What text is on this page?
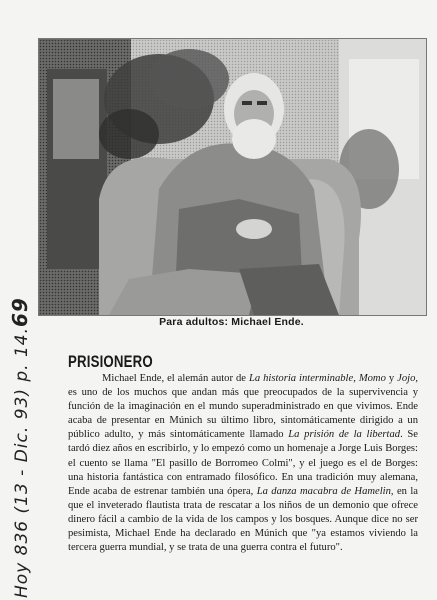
Hoy 836 (13 - Dic. 93) p. 14.69	Para adultos: Michael Ende.
PRISIONERO

Michael Ende, el alemán autor de La historia interminable, Momo y Jojo, es uno de los muchos que andan más que preocupados de la supervivencia y función de la imaginación en el mundo superadministrado en que vivimos. Ende acaba de presentar en Múnich su último libro, sintomáticamente dirigido a un público adulto, y más sintomáticamente llamado La prisión de la libertad. Se tardó diez años en escribirlo, y lo empezó como un homenaje a Jorge Luis Borges: el cuento se llama "El pasillo de Borromeo Colmi", y el juego es el de Borges: una historia fantástica con entramado filosófico. En una tradición muy alemana, Ende acaba de estrenar también una ópera, La danza macabra de Hamelin, en la que el inveterado flautista trata de rescatar a los niños de un demonio que ofrece dinero fácil a cambio de la vida de los campos y los bosques. Aunque dice no ser pesimista, Michael Ende ha declarado en Múnich que "ya estamos viviendo la tercera guerra mundial, y se trata de una guerra contra el futuro".
